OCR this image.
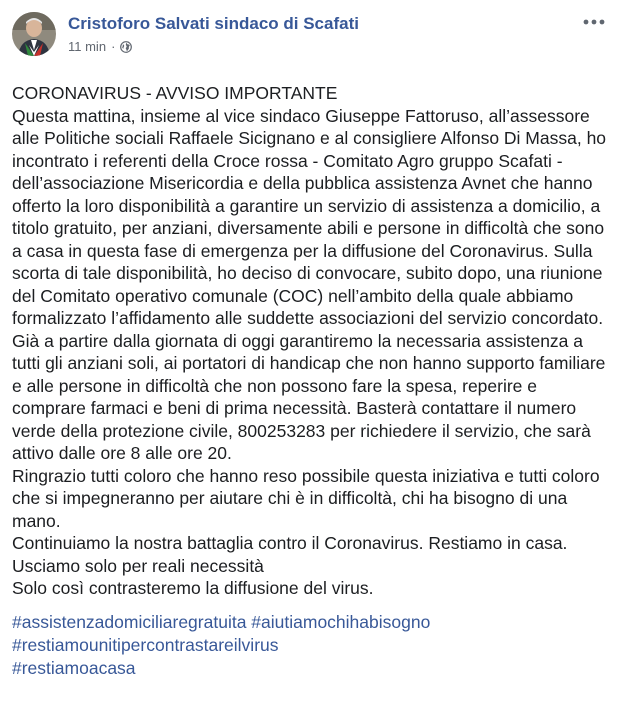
Cristoforo Salvati sindaco di Scafati
11 min ·
CORONAVIRUS - AVVISO IMPORTANTE
Questa mattina, insieme al vice sindaco Giuseppe Fattoruso, all’assessore
alle Politiche sociali Raffaele Sicignano e al consigliere Alfonso Di Massa, ho
incontrato i referenti della Croce rossa - Comitato Agro gruppo Scafati -
dell’associazione Misericordia e della pubblica assistenza Avnet che hanno
offerto la loro disponibilità a garantire un servizio di assistenza a domicilio, a
titolo gratuito, per anziani, diversamente abili e persone in difficoltà che sono
a casa in questa fase di emergenza per la diffusione del Coronavirus. Sulla
scorta di tale disponibilità, ho deciso di convocare, subito dopo, una riunione
del Comitato operativo comunale (COC) nell’ambito della quale abbiamo
formalizzato l’affidamento alle suddette associazioni del servizio concordato.
Già a partire dalla giornata di oggi garantiremo la necessaria assistenza a
tutti gli anziani soli, ai portatori di handicap che non hanno supporto familiare
e alle persone in difficoltà che non possono fare la spesa, reperire e
comprare farmaci e beni di prima necessità. Basterà contattare il numero
verde della protezione civile, 800253283 per richiedere il servizio, che sarà
attivo dalle ore 8 alle ore 20.
Ringrazio tutti coloro che hanno reso possibile questa iniziativa e tutti coloro
che si impegneranno per aiutare chi è in difficoltà, chi ha bisogno di una
mano.
Continuiamo la nostra battaglia contro il Coronavirus. Restiamo in casa.
Usciamo solo per reali necessità
Solo così contrasteremo la diffusione del virus.
#assistenzadomiciliaregratuita #aiutiamochihabisogno
#restiamounitipercontrastareilvirus
#restiamoacasa
